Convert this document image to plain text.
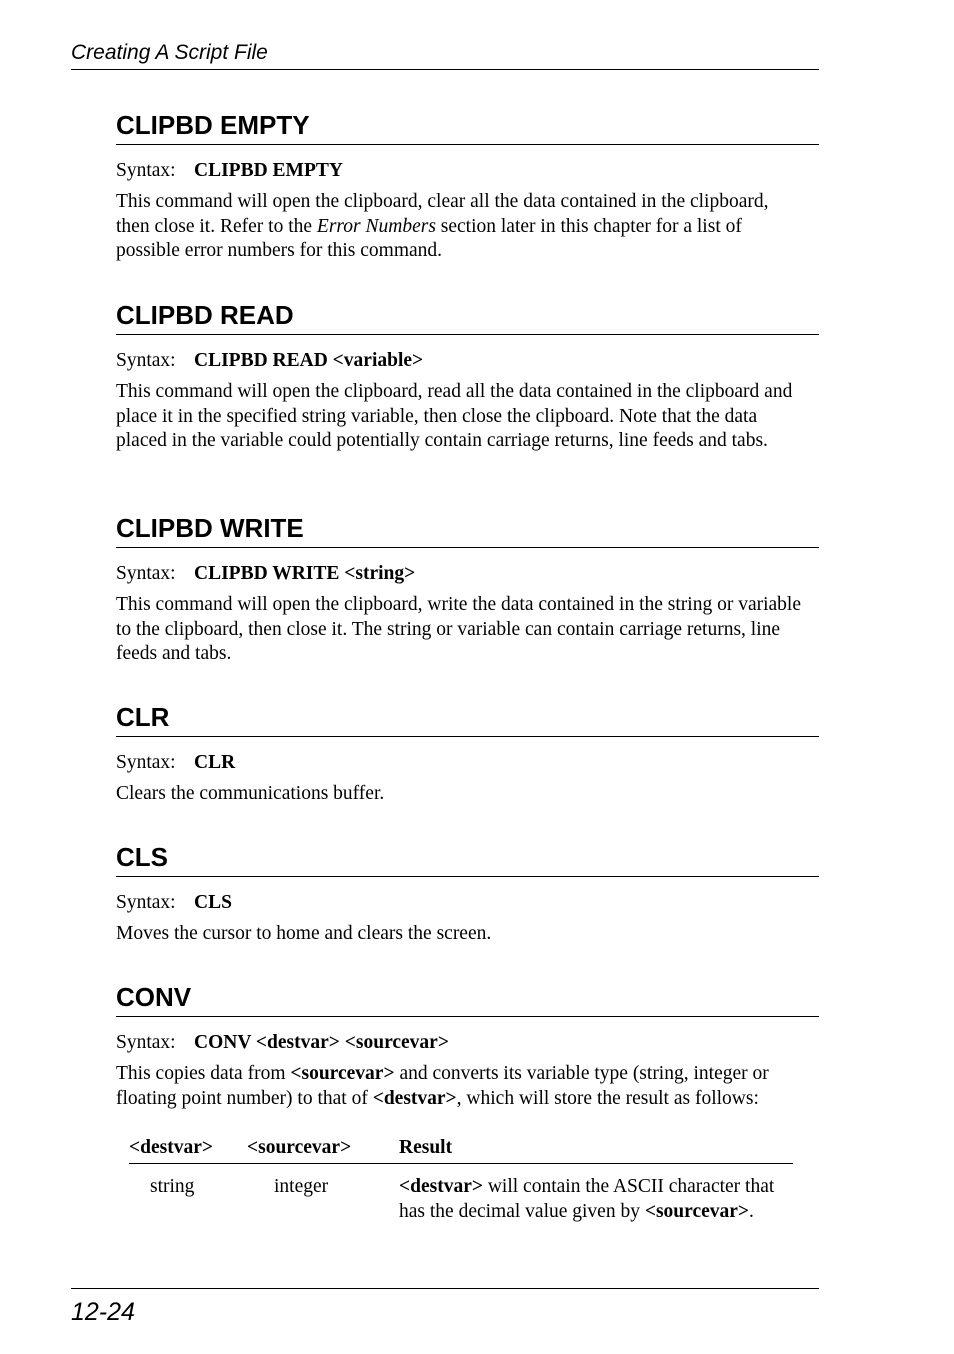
Creating A Script File
CLIPBD EMPTY
Syntax: CLIPBD EMPTY
This command will open the clipboard, clear all the data contained in the clipboard, then close it. Refer to the Error Numbers section later in this chapter for a list of possible error numbers for this command.
CLIPBD READ
Syntax: CLIPBD READ <variable>
This command will open the clipboard, read all the data contained in the clipboard and place it in the specified string variable, then close the clipboard. Note that the data placed in the variable could potentially contain carriage returns, line feeds and tabs.
CLIPBD WRITE
Syntax: CLIPBD WRITE <string>
This command will open the clipboard, write the data contained in the string or variable to the clipboard, then close it. The string or variable can contain carriage returns, line feeds and tabs.
CLR
Syntax: CLR
Clears the communications buffer.
CLS
Syntax: CLS
Moves the cursor to home and clears the screen.
CONV
Syntax: CONV <destvar> <sourcevar>
This copies data from <sourcevar> and converts its variable type (string, integer or floating point number) to that of <destvar>, which will store the result as follows:
<destvar> <sourcevar> Result
string	integer	<destvar> will contain the ASCII character that has the decimal value given by <sourcevar>.
12-24
